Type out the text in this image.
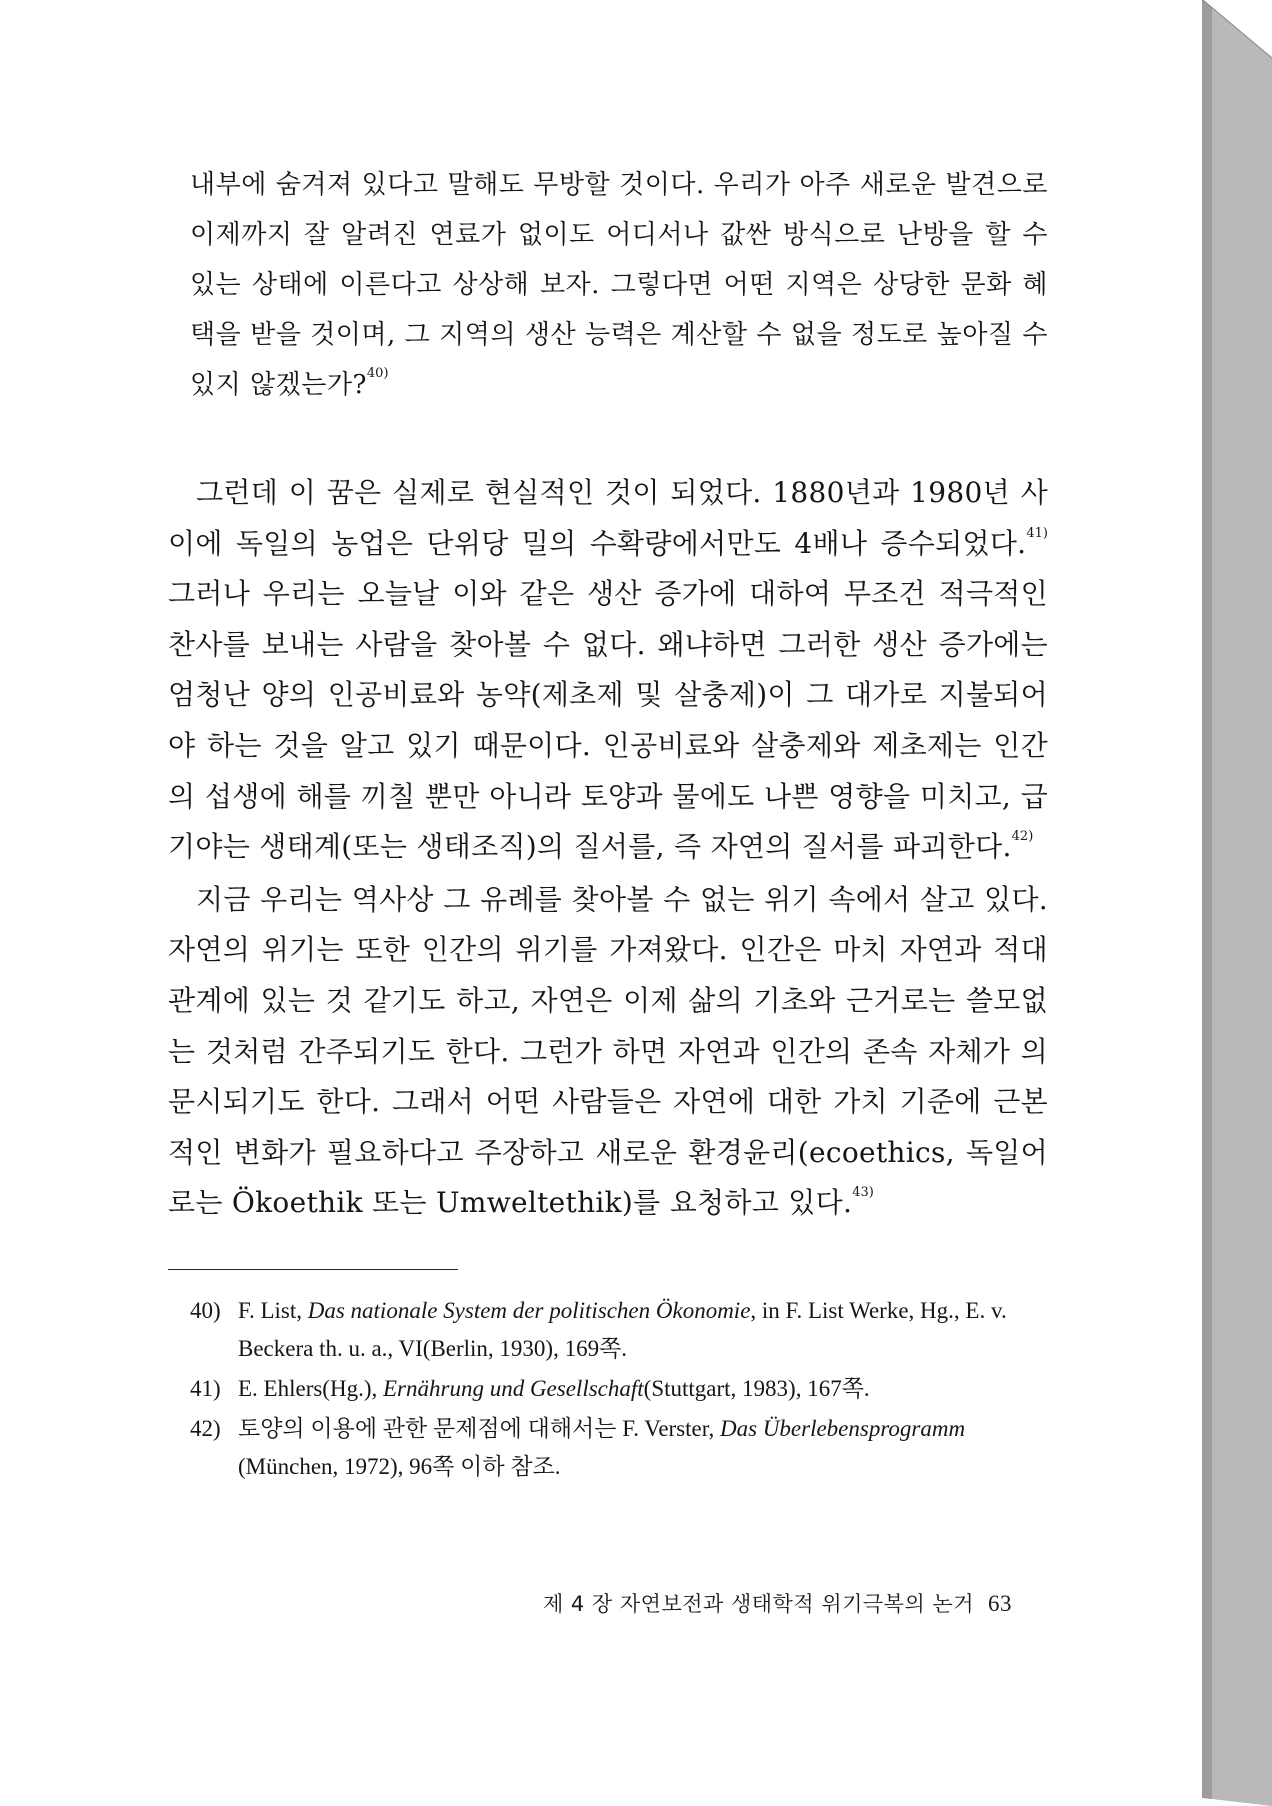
내부에 숨겨져 있다고 말해도 무방할 것이다. 우리가 아주 새로운 발견으로 이제까지 잘 알려진 연료가 없이도 어디서나 값싼 방식으로 난방을 할 수 있는 상태에 이른다고 상상해 보자. 그렇다면 어떤 지역은 상당한 문화 혜택을 받을 것이며, 그 지역의 생산 능력은 계산할 수 없을 정도로 높아질 수 있지 않겠는가?$^{40)}$

그런데 이 꿈은 실제로 현실적인 것이 되었다. 1880년과 1980년 사이에 독일의 농업은 단위당 밀의 수확량에서만도 4배나 증수되었다.$^{41)}$ 그러나 우리는 오늘날 이와 같은 생산 증가에 대하여 무조건 적극적인 찬사를 보내는 사람을 찾아볼 수 없다. 왜냐하면 그러한 생산 증가에는 엄청난 양의 인공비료와 농약(제초제 및 살충제)이 그 대가로 지불되어야 하는 것을 알고 있기 때문이다. 인공비료와 살충제와 제초제는 인간의 섭생에 해를 끼칠 뿐만 아니라 토양과 물에도 나쁜 영향을 미치고, 급기야는 생태계(또는 생태조직)의 질서를, 즉 자연의 질서를 파괴한다.$^{42)}$

지금 우리는 역사상 그 유례를 찾아볼 수 없는 위기 속에서 살고 있다. 자연의 위기는 또한 인간의 위기를 가져왔다. 인간은 마치 자연과 적대관계에 있는 것 같기도 하고, 자연은 이제 삶의 기초와 근거로는 쓸모없는 것처럼 간주되기도 한다. 그런가 하면 자연과 인간의 존속 자체가 의문시되기도 한다. 그래서 어떤 사람들은 자연에 대한 가치 기준에 근본적인 변화가 필요하다고 주장하고 새로운 환경윤리(ecoethics, 독일어로는 Ökoethik 또는 Umweltethik)를 요청하고 있다.$^{43)}$

40) F. List, Das nationale System der politischen Ökonomie, in F. List Werke, Hg., E. v. Beckera th. u. a., VI(Berlin, 1930), 169쪽.
41) E. Ehlers(Hg.), Ernährung und Gesellschaft(Stuttgart, 1983), 167쪽.
42) 토양의 이용에 관한 문제점에 대해서는 F. Verster, Das Überlebensprogramm (München, 1972), 96쪽 이하 참조.
제 4 장 자연보전과 생태학적 위기극복의 논거 63
